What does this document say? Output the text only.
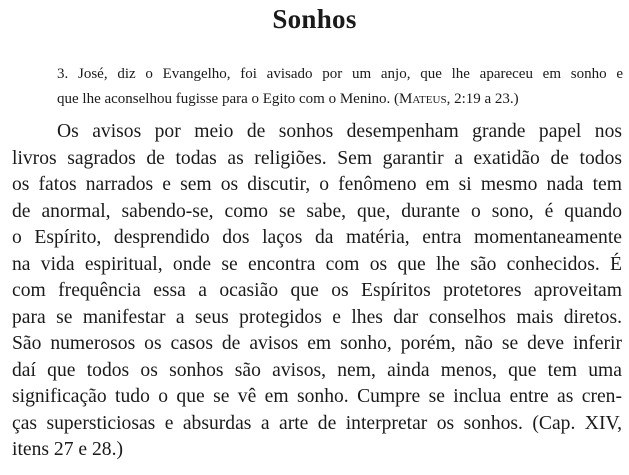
Sonhos
3. José, diz o Evangelho, foi avisado por um anjo, que lhe apareceu em sonho e
que lhe aconselhou fugisse para o Egito com o Menino. (Mateus, 2:19 a 23.)
Os avisos por meio de sonhos desempenham grande papel nos
livros sagrados de todas as religiões. Sem garantir a exatidão de todos
os fatos narrados e sem os discutir, o fenômeno em si mesmo nada tem
de anormal, sabendo-se, como se sabe, que, durante o sono, é quando
o Espírito, desprendido dos laços da matéria, entra momentaneamente
na vida espiritual, onde se encontra com os que lhe são conhecidos. É
com frequência essa a ocasião que os Espíritos protetores aproveitam
para se manifestar a seus protegidos e lhes dar conselhos mais diretos.
São numerosos os casos de avisos em sonho, porém, não se deve inferir
daí que todos os sonhos são avisos, nem, ainda menos, que tem uma
significação tudo o que se vê em sonho. Cumpre se inclua entre as cren-
ças supersticiosas e absurdas a arte de interpretar os sonhos. (Cap. XIV,
itens 27 e 28.)
